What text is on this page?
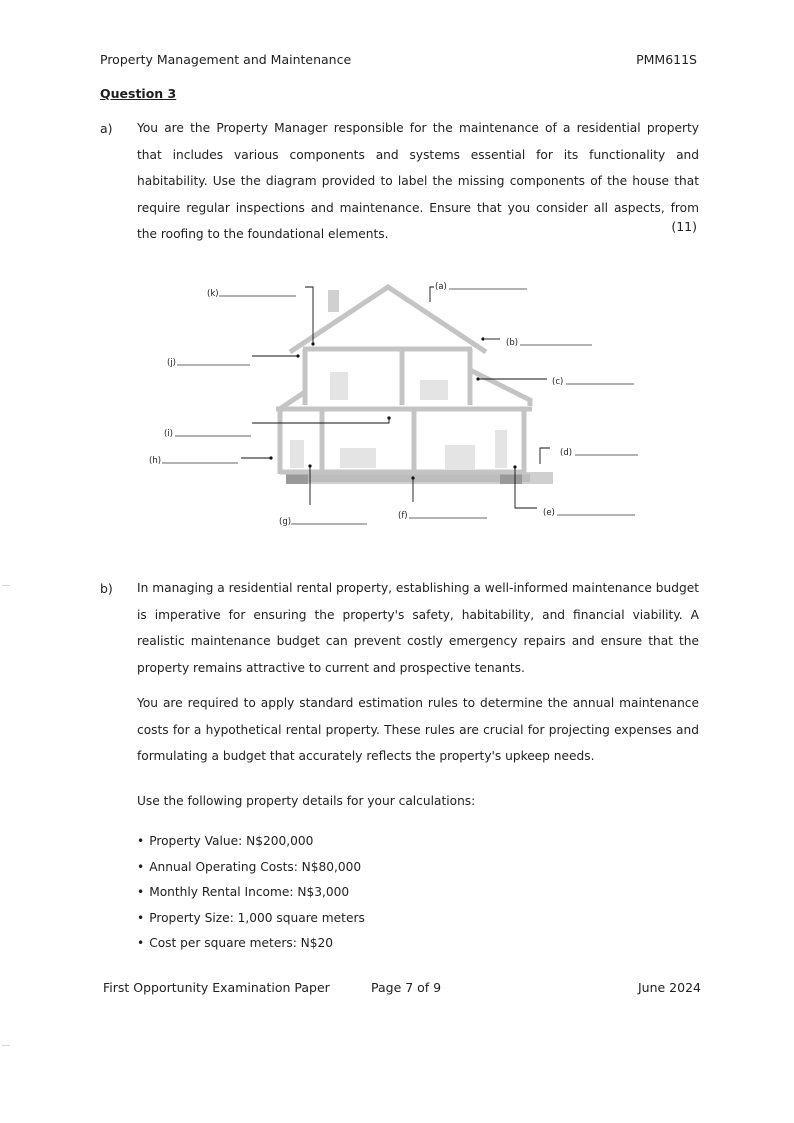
Property Management and Maintenance	PMM611S
Question 3
a) You are the Property Manager responsible for the maintenance of a residential property that includes various components and systems essential for its functionality and habitability. Use the diagram provided to label the missing components of the house that require regular inspections and maintenance. Ensure that you consider all aspects, from the roofing to the foundational elements.	(11)
(k)
(a)
(b)
(c)
(d)
(e)
(f)
(g)
(h)
(i)
(j)
b) In managing a residential rental property, establishing a well-informed maintenance budget is imperative for ensuring the property's safety, habitability, and financial viability. A realistic maintenance budget can prevent costly emergency repairs and ensure that the property remains attractive to current and prospective tenants.
You are required to apply standard estimation rules to determine the annual maintenance costs for a hypothetical rental property. These rules are crucial for projecting expenses and formulating a budget that accurately reflects the property's upkeep needs.
Use the following property details for your calculations:
• Property Value: N$200,000
• Annual Operating Costs: N$80,000
• Monthly Rental Income: N$3,000
• Property Size: 1,000 square meters
• Cost per square meters: N$20
First Opportunity Examination Paper	Page 7 of 9	June 2024
